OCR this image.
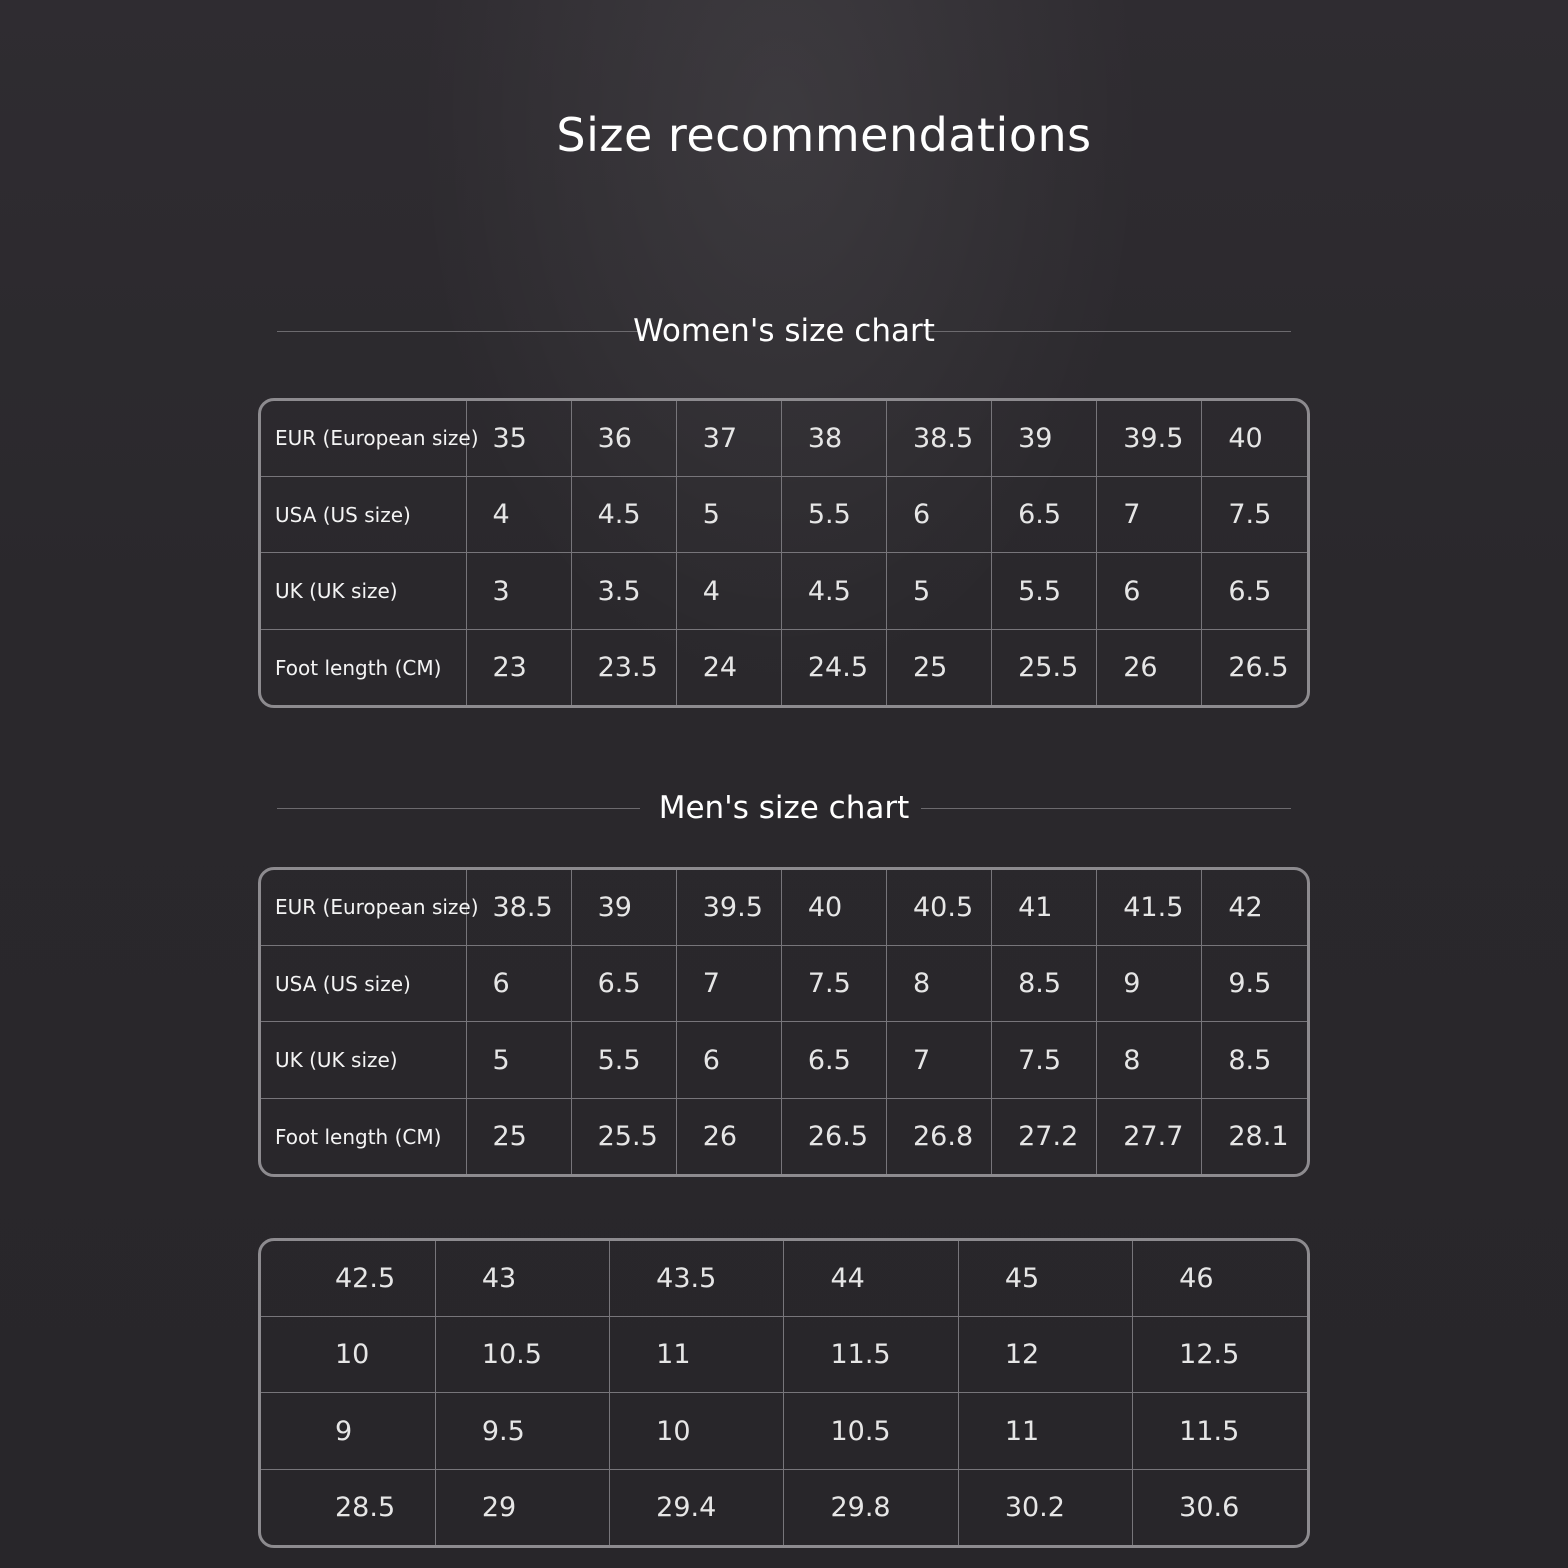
Size recommendations
Women's size chart
EUR (European size)	35	36	37	38	38.5	39	39.5	40
USA (US size)	4	4.5	5	5.5	6	6.5	7	7.5
UK (UK size)	3	3.5	4	4.5	5	5.5	6	6.5
Foot length (CM)	23	23.5	24	24.5	25	25.5	26	26.5
Men's size chart
EUR (European size)	38.5	39	39.5	40	40.5	41	41.5	42
USA (US size)	6	6.5	7	7.5	8	8.5	9	9.5
UK (UK size)	5	5.5	6	6.5	7	7.5	8	8.5
Foot length (CM)	25	25.5	26	26.5	26.8	27.2	27.7	28.1
42.5	43	43.5	44	45	46
10	10.5	11	11.5	12	12.5
9	9.5	10	10.5	11	11.5
28.5	29	29.4	29.8	30.2	30.6
